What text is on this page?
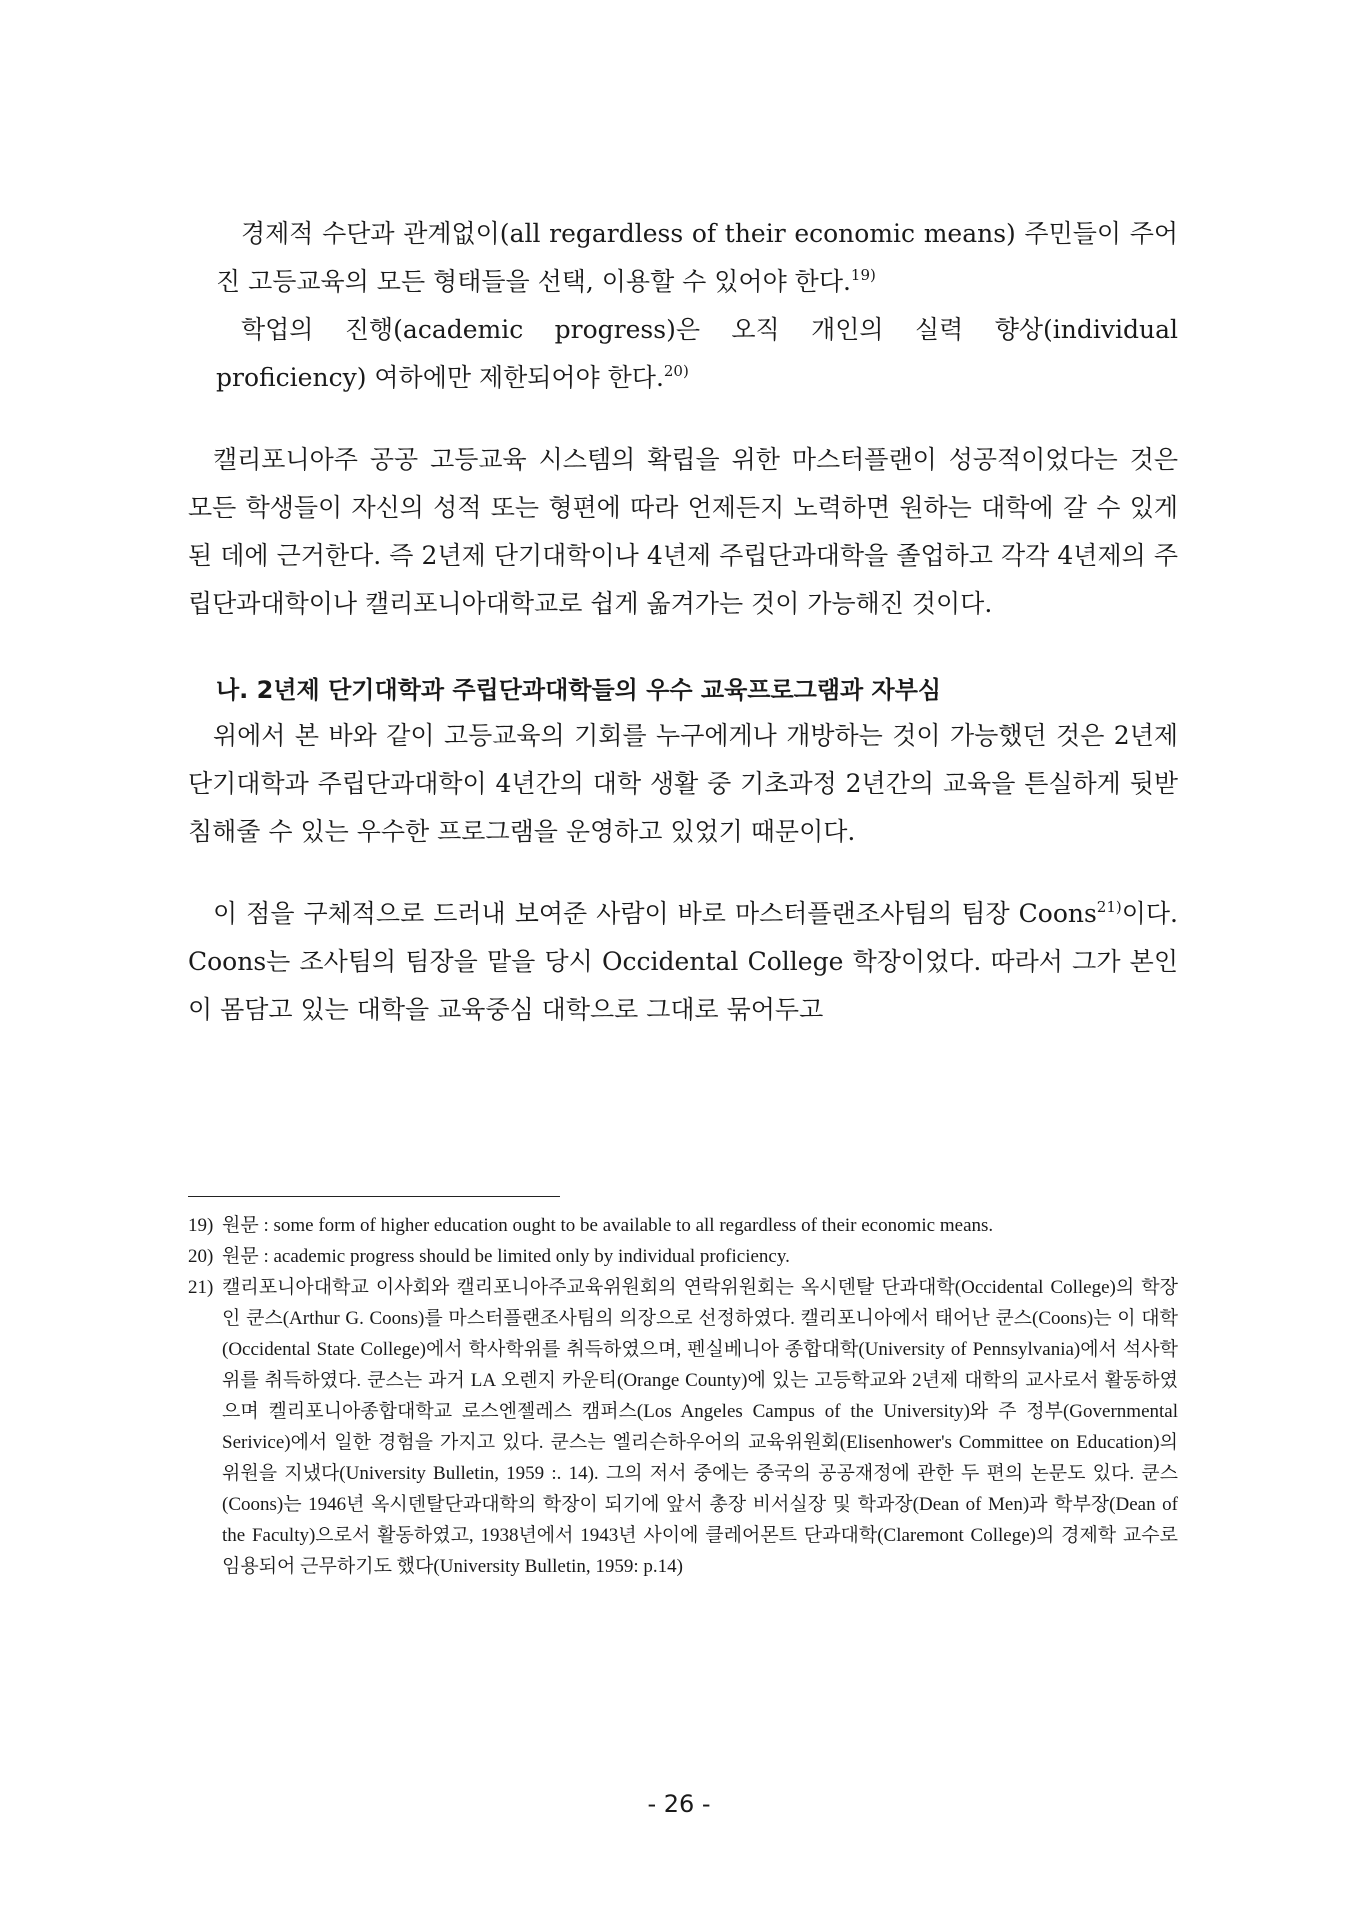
경제적 수단과 관계없이(all regardless of their economic means) 주민들이 주어진 고등교육의 모든 형태들을 선택, 이용할 수 있어야 한다.$^{19)}$

학업의 진행(academic progress)은 오직 개인의 실력 향상(individual proficiency) 여하에만 제한되어야 한다.$^{20)}$

캘리포니아주 공공 고등교육 시스템의 확립을 위한 마스터플랜이 성공적이었다는 것은 모든 학생들이 자신의 성적 또는 형편에 따라 언제든지 노력하면 원하는 대학에 갈 수 있게 된 데에 근거한다. 즉 2년제 단기대학이나 4년제 주립단과대학을 졸업하고 각각 4년제의 주립단과대학이나 캘리포니아대학교로 쉽게 옮겨가는 것이 가능해진 것이다.

나. 2년제 단기대학과 주립단과대학들의 우수 교육프로그램과 자부심

위에서 본 바와 같이 고등교육의 기회를 누구에게나 개방하는 것이 가능했던 것은 2년제 단기대학과 주립단과대학이 4년간의 대학 생활 중 기초과정 2년간의 교육을 튼실하게 뒷받침해줄 수 있는 우수한 프로그램을 운영하고 있었기 때문이다.

이 점을 구체적으로 드러내 보여준 사람이 바로 마스터플랜조사팀의 팀장 Coons$^{21)}$이다. Coons는 조사팀의 팀장을 맡을 당시 Occidental College 학장이었다. 따라서 그가 본인이 몸담고 있는 대학을 교육중심 대학으로 그대로 묶어두고

19) 원문 : some form of higher education ought to be available to all regardless of their economic means.
20) 원문 : academic progress should be limited only by individual proficiency.
21) 캘리포니아대학교 이사회와 캘리포니아주교육위원회의 연락위원회는 옥시덴탈 단과대학(Occidental College)의 학장인 쿤스(Arthur G. Coons)를 마스터플랜조사팀의 의장으로 선정하였다. 캘리포니아에서 태어난 쿤스(Coons)는 이 대학(Occidental State College)에서 학사학위를 취득하였으며, 펜실베니아 종합대학(University of Pennsylvania)에서 석사학위를 취득하였다. 쿤스는 과거 LA 오렌지 카운티(Orange County)에 있는 고등학교와 2년제 대학의 교사로서 활동하였으며 켈리포니아종합대학교 로스엔젤레스 캠퍼스(Los Angeles Campus of the University)와 주 정부(Governmental Serivice)에서 일한 경험을 가지고 있다. 쿤스는 엘리슨하우어의 교육위원회(Elisenhower's Committee on Education)의 위원을 지냈다(University Bulletin, 1959 :. 14). 그의 저서 중에는 중국의 공공재정에 관한 두 편의 논문도 있다. 쿤스(Coons)는 1946년 옥시덴탈단과대학의 학장이 되기에 앞서 총장 비서실장 및 학과장(Dean of Men)과 학부장(Dean of the Faculty)으로서 활동하였고, 1938년에서 1943년 사이에 클레어몬트 단과대학(Claremont College)의 경제학 교수로 임용되어 근무하기도 했다(University Bulletin, 1959: p.14)
- 26 -
